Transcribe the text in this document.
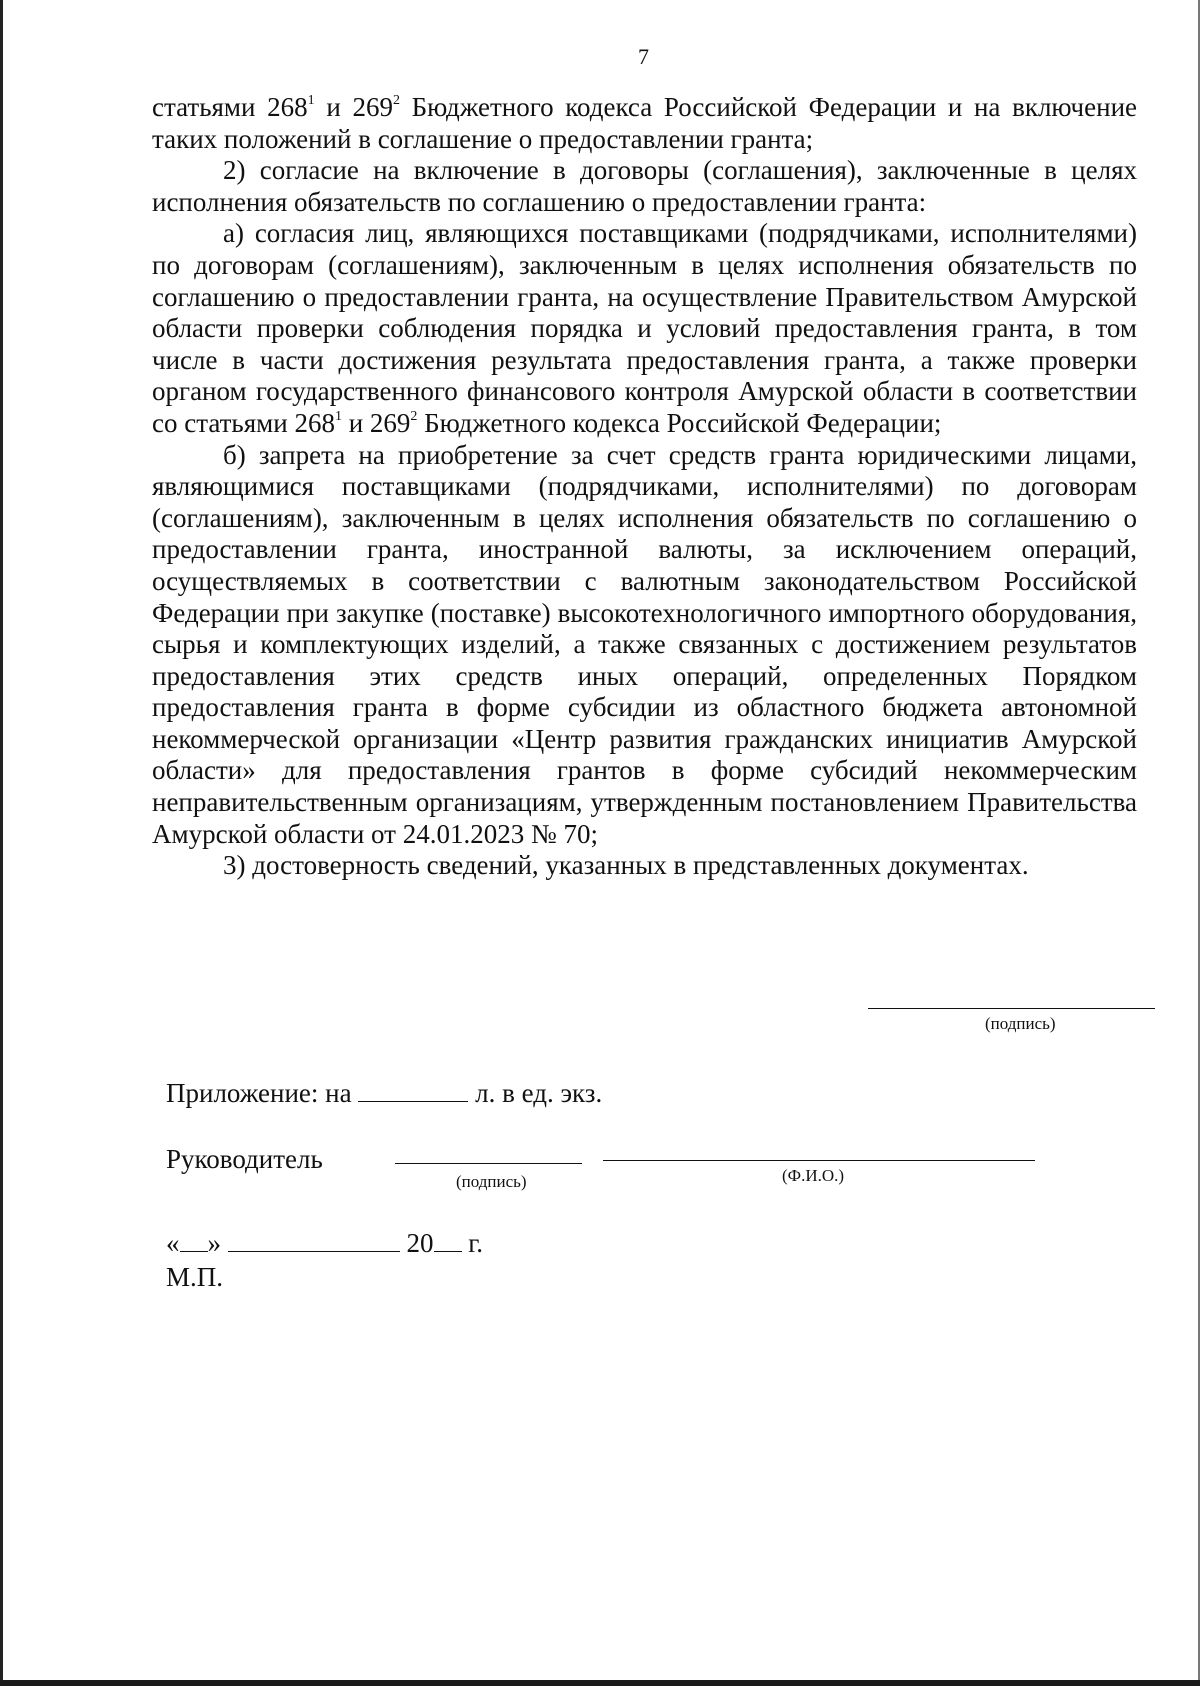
7

статьями $268^1$ и $269^2$ Бюджетного кодекса Российской Федерации и на включение таких положений в соглашение о предоставлении гранта;

2) согласие на включение в договоры (соглашения), заключенные в целях исполнения обязательств по соглашению о предоставлении гранта:

а) согласия лиц, являющихся поставщиками (подрядчиками, исполнителями) по договорам (соглашениям), заключенным в целях исполнения обязательств по соглашению о предоставлении гранта, на осуществление Правительством Амурской области проверки соблюдения порядка и условий предоставления гранта, в том числе в части достижения результата предоставления гранта, а также проверки органом государственного финансового контроля Амурской области в соответствии со статьями $268^1$ и $269^2$ Бюджетного кодекса Российской Федерации;

б) запрета на приобретение за счет средств гранта юридическими лицами, являющимися поставщиками (подрядчиками, исполнителями) по договорам (соглашениям), заключенным в целях исполнения обязательств по соглашению о предоставлении гранта, иностранной валюты, за исключением операций, осуществляемых в соответствии с валютным законодательством Российской Федерации при закупке (поставке) высокотехнологичного импортного оборудования, сырья и комплектующих изделий, а также связанных с достижением результатов предоставления этих средств иных операций, определенных Порядком предоставления гранта в форме субсидии из областного бюджета автономной некоммерческой организации «Центр развития гражданских инициатив Амурской области» для предоставления грантов в форме субсидий некоммерческим неправительственным организациям, утвержденным постановлением Правительства Амурской области от 24.01.2023 № 70;

3) достоверность сведений, указанных в представленных документах.

(подпись)
Приложение: на	л. в ед. экз.
Руководитель
(подпись)	(Ф.И.О.)
« »	20 г.
М.П.
